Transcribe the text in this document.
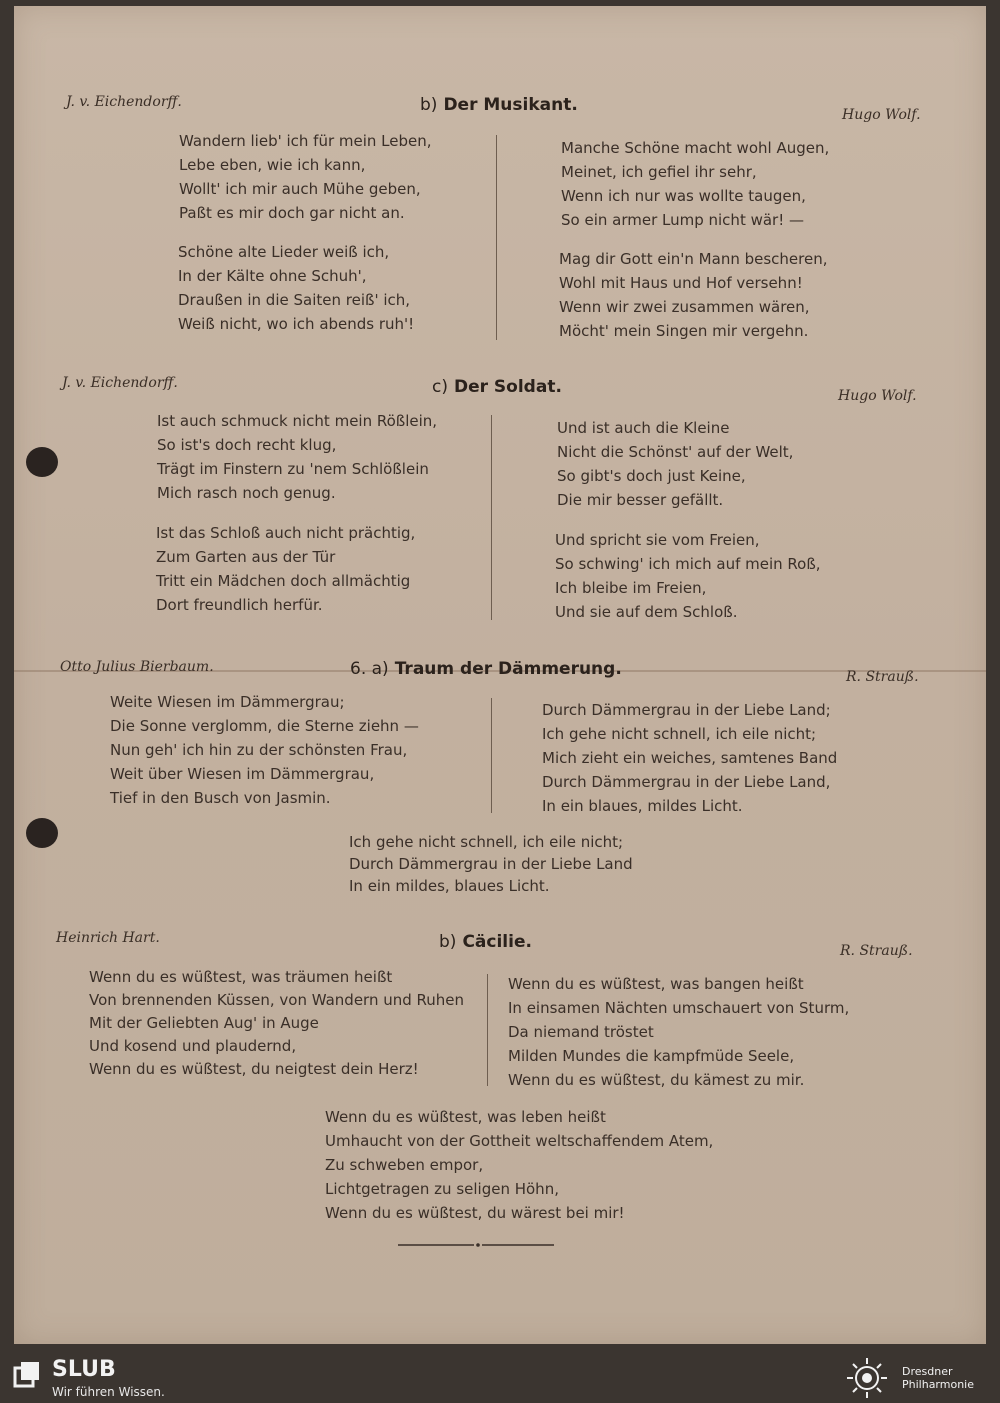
J. v. Eichendorff.	b) Der Musikant.	Hugo Wolf.
Wandern lieb' ich für mein Leben,
Lebe eben, wie ich kann,
Wollt' ich mir auch Mühe geben,
Paßt es mir doch gar nicht an.
Schöne alte Lieder weiß ich,
In der Kälte ohne Schuh',
Draußen in die Saiten reiß' ich,
Weiß nicht, wo ich abends ruh'!
Manche Schöne macht wohl Augen,
Meinet, ich gefiel ihr sehr,
Wenn ich nur was wollte taugen,
So ein armer Lump nicht wär! —
Mag dir Gott ein'n Mann bescheren,
Wohl mit Haus und Hof versehn!
Wenn wir zwei zusammen wären,
Möcht' mein Singen mir vergehn.
J. v. Eichendorff.	c) Der Soldat.	Hugo Wolf.
Ist auch schmuck nicht mein Rößlein,
So ist's doch recht klug,
Trägt im Finstern zu 'nem Schlößlein
Mich rasch noch genug.
Ist das Schloß auch nicht prächtig,
Zum Garten aus der Tür
Tritt ein Mädchen doch allmächtig
Dort freundlich herfür.
Und ist auch die Kleine
Nicht die Schönst' auf der Welt,
So gibt's doch just Keine,
Die mir besser gefällt.
Und spricht sie vom Freien,
So schwing' ich mich auf mein Roß,
Ich bleibe im Freien,
Und sie auf dem Schloß.
Otto Julius Bierbaum.	6. a) Traum der Dämmerung.	R. Strauß.
Weite Wiesen im Dämmergrau;
Die Sonne verglomm, die Sterne ziehn —
Nun geh' ich hin zu der schönsten Frau,
Weit über Wiesen im Dämmergrau,
Tief in den Busch von Jasmin.
Durch Dämmergrau in der Liebe Land;
Ich gehe nicht schnell, ich eile nicht;
Mich zieht ein weiches, samtenes Band
Durch Dämmergrau in der Liebe Land,
In ein blaues, mildes Licht.
Ich gehe nicht schnell, ich eile nicht;
Durch Dämmergrau in der Liebe Land
In ein mildes, blaues Licht.
Heinrich Hart.	b) Cäcilie.	R. Strauß.
Wenn du es wüßtest, was träumen heißt
Von brennenden Küssen, von Wandern und Ruhen
Mit der Geliebten Aug' in Auge
Und kosend und plaudernd,
Wenn du es wüßtest, du neigtest dein Herz!
Wenn du es wüßtest, was bangen heißt
In einsamen Nächten umschauert von Sturm,
Da niemand tröstet
Milden Mundes die kampfmüde Seele,
Wenn du es wüßtest, du kämest zu mir.
Wenn du es wüßtest, was leben heißt
Umhaucht von der Gottheit weltschaffendem Atem,
Zu schweben empor,
Lichtgetragen zu seligen Höhn,
Wenn du es wüßtest, du wärest bei mir!
SLUB
Wir führen Wissen.
Dresdner
Philharmonie
